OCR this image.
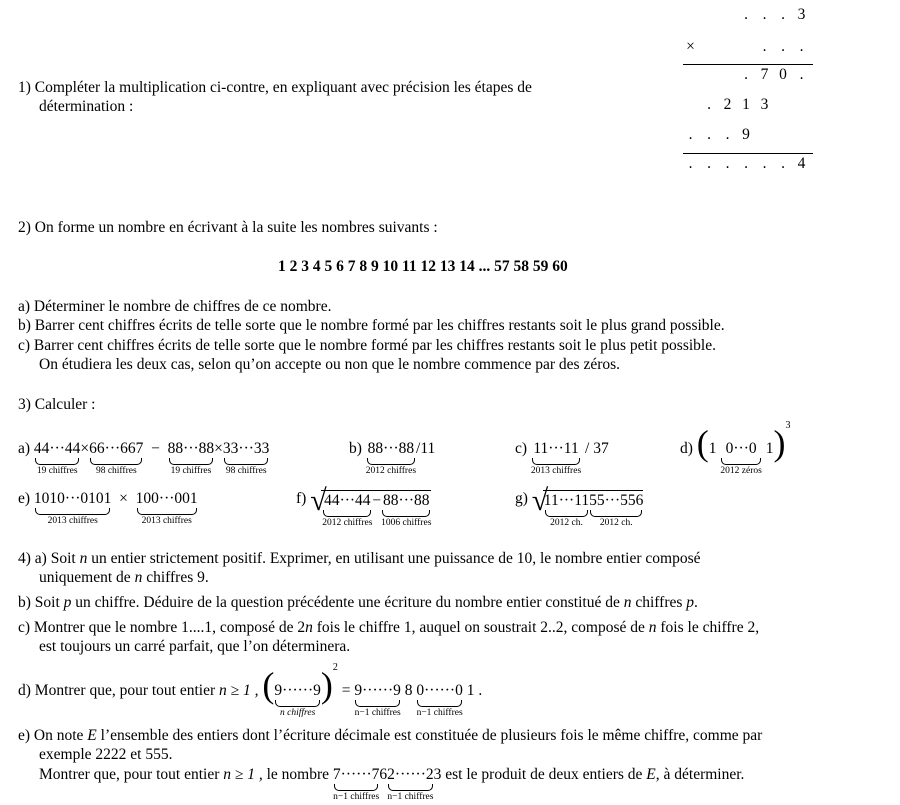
. . . 3
×	. . .
. 7 0 .
. 2 1 3
. . . 9
. . . . . . 4
1) Compléter la multiplication ci-contre, en expliquant avec précision les étapes de
détermination :
2) On forme un nombre en écrivant à la suite les nombres suivants :
1 2 3 4 5 6 7 8 9 10 11 12 13 14 ... 57 58 59 60
a) Déterminer le nombre de chiffres de ce nombre.
b) Barrer cent chiffres écrits de telle sorte que le nombre formé par les chiffres restants soit le plus grand possible.
c) Barrer cent chiffres écrits de telle sorte que le nombre formé par les chiffres restants soit le plus petit possible.
On étudiera les deux cas, selon qu’on accepte ou non que le nombre commence par des zéros.
3) Calculer :
a) 44···44
19 chiffres
× 66···667
98 chiffres
− 88···88
19 chiffres
× 33···33
98 chiffres
b) 88···88
2012 chiffres
/11	c) 11···11
2013 chiffres
/ 37	d) (1 0···0
2012 zéros
1)$^3$
e) 1010···0101
2013 chiffres
× 100···001
2013 chiffres
f) √
44···44
2012 chiffres
− 88···88
1006 chiffres
g) √
11···11
2012 ch.
55···556
2012 ch.
4) a) Soit n un entier strictement positif. Exprimer, en utilisant une puissance de 10, le nombre entier composé
uniquement de n chiffres 9.
b) Soit p un chiffre. Déduire de la question précédente une écriture du nombre entier constitué de n chiffres p.
c) Montrer que le nombre 1....1, composé de 2n fois le chiffre 1, auquel on soustrait 2..2, composé de n fois le chiffre 2,
est toujours un carré parfait, que l’on déterminera.
d) Montrer que, pour tout entier n ≥ 1 , ( 9······9
n chiffres
)$^2$ = 9······9
n−1 chiffres
8 0······0
n−1 chiffres
1 .
e) On note E l’ensemble des entiers dont l’écriture décimale est constituée de plusieurs fois le même chiffre, comme par
exemple 2222 et 555.
Montrer que, pour tout entier n ≥ 1 , le nombre 7······7
n−1 chiffres
6 2······2
n−1 chiffres
3 est le produit de deux entiers de E, à déterminer.
